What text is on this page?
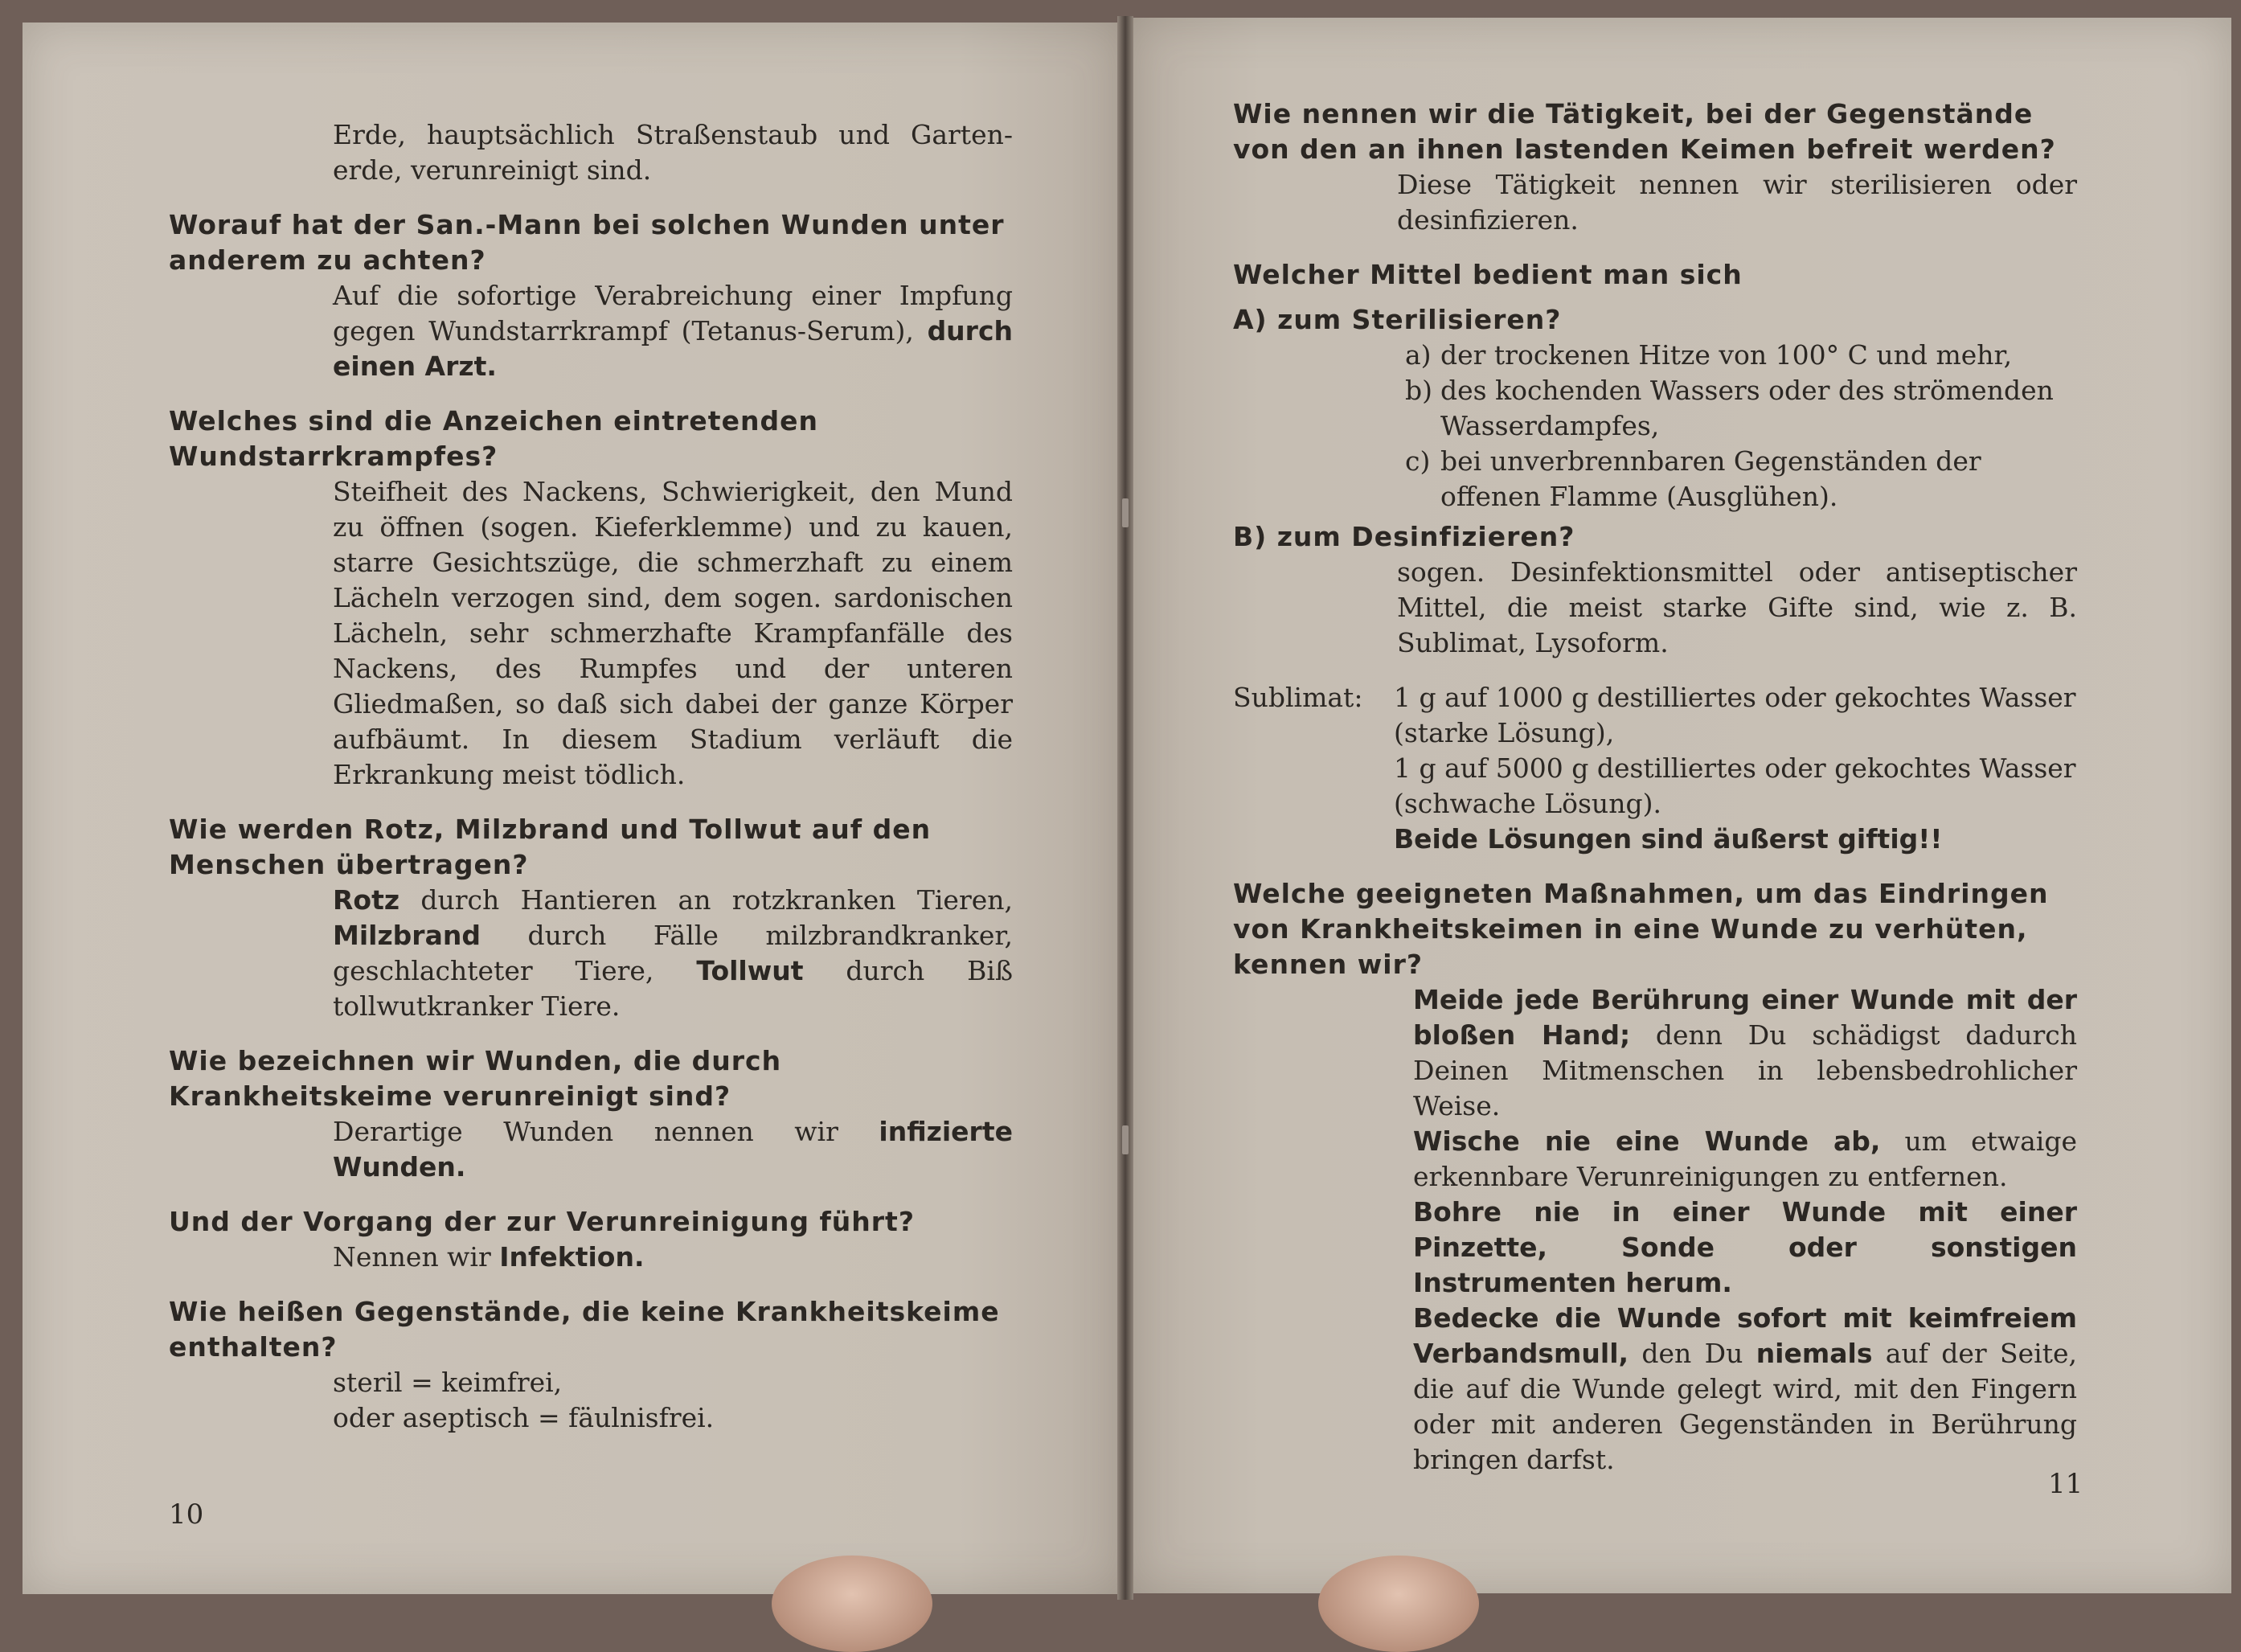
Erde, hauptsächlich Straßenstaub und Garten-erde, verunreinigt sind.
Worauf hat der San.-Mann bei solchen Wunden unter anderem zu achten?
Auf die sofortige Verabreichung einer Impfung gegen Wundstarrkrampf (Tetanus-Serum), durch einen Arzt.
Welches sind die Anzeichen eintretenden Wundstarrkrampfes?
Steifheit des Nackens, Schwierigkeit, den Mund zu öffnen (sogen. Kieferklemme) und zu kauen, starre Gesichtszüge, die schmerzhaft zu einem Lächeln verzogen sind, dem sogen. sardonischen Lächeln, sehr schmerzhafte Krampfanfälle des Nackens, des Rumpfes und der unteren Gliedmaßen, so daß sich dabei der ganze Körper aufbäumt. In diesem Stadium verläuft die Erkrankung meist tödlich.
Wie werden Rotz, Milzbrand und Tollwut auf den Menschen übertragen?
Rotz durch Hantieren an rotzkranken Tieren, Milzbrand durch Fälle milzbrandkranker, geschlachteter Tiere, Tollwut durch Biß tollwutkranker Tiere.
Wie bezeichnen wir Wunden, die durch Krankheitskeime verunreinigt sind?
Derartige Wunden nennen wir infizierte Wunden.
Und der Vorgang der zur Verunreinigung führt?
Nennen wir Infektion.
Wie heißen Gegenstände, die keine Krankheitskeime enthalten?
steril = keimfrei,
oder aseptisch = fäulnisfrei.
10
Wie nennen wir die Tätigkeit, bei der Gegenstände von den an ihnen lastenden Keimen befreit werden?
Diese Tätigkeit nennen wir sterilisieren oder desinfizieren.
Welcher Mittel bedient man sich
A) zum Sterilisieren?
a) der trockenen Hitze von 100° C und mehr,
b) des kochenden Wassers oder des strömenden Wasserdampfes,
c) bei unverbrennbaren Gegenständen der offenen Flamme (Ausglühen).
B) zum Desinfizieren?
sogen. Desinfektionsmittel oder antiseptischer Mittel, die meist starke Gifte sind, wie z. B. Sublimat, Lysoform.
Sublimat:	1 g auf 1000 g destilliertes oder gekochtes Wasser (starke Lösung),
1 g auf 5000 g destilliertes oder gekochtes Wasser (schwache Lösung).
Beide Lösungen sind äußerst giftig!!
Welche geeigneten Maßnahmen, um das Eindringen von Krankheitskeimen in eine Wunde zu verhüten, kennen wir?
Meide jede Berührung einer Wunde mit der bloßen Hand; denn Du schädigst dadurch Deinen Mitmenschen in lebensbedrohlicher Weise.
Wische nie eine Wunde ab, um etwaige erkennbare Verunreinigungen zu entfernen.
Bohre nie in einer Wunde mit einer Pinzette, Sonde oder sonstigen Instrumenten herum.
Bedecke die Wunde sofort mit keimfreiem Verbandsmull, den Du niemals auf der Seite, die auf die Wunde gelegt wird, mit den Fingern oder mit anderen Gegenständen in Berührung bringen darfst.
11
